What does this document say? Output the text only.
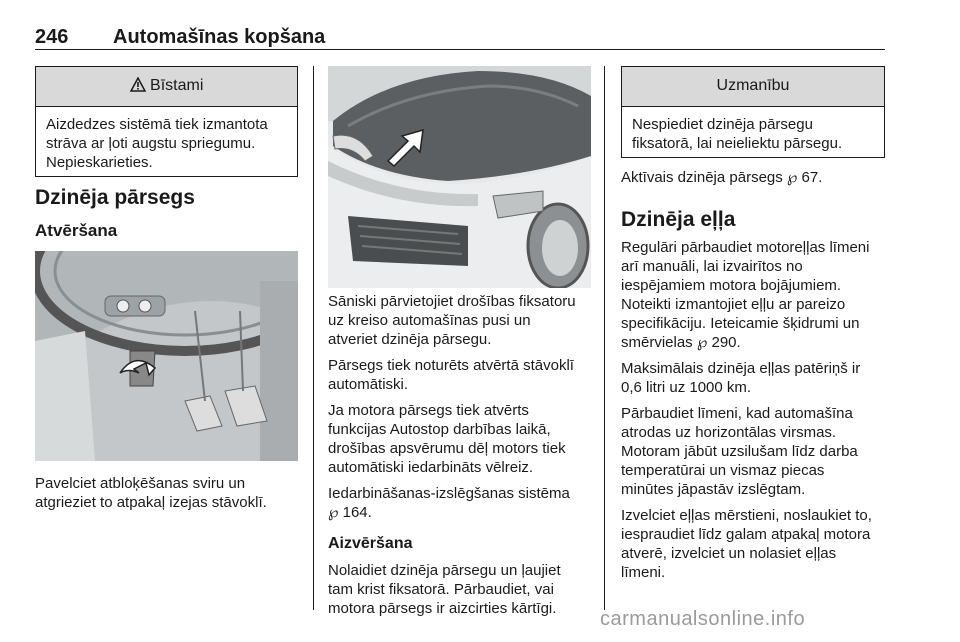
246 Automašīnas kopšana
Bīstami
Aizdedzes sistēmā tiek izmantota
strāva ar ļoti augstu spriegumu.
Nepieskarieties.
Dzinēja pārsegs
Atvēršana
Pavelciet atbloķēšanas sviru un
atgrieziet to atpakaļ izejas stāvoklī.
Sāniski pārvietojiet drošības fiksatoru
uz kreiso automašīnas pusi un
atveriet dzinēja pārsegu.
Pārsegs tiek noturēts atvērtā stāvoklī
automātiski.
Ja motora pārsegs tiek atvērts
funkcijas Autostop darbības laikā,
drošības apsvērumu dēļ motors tiek
automātiski iedarbināts vēlreiz.
Iedarbināšanas-izslēgšanas sistēma
℘ 164.
Aizvēršana
Nolaidiet dzinēja pārsegu un ļaujiet
tam krist fiksatorā. Pārbaudiet, vai
motora pārsegs ir aizcirties kārtīgi.
Uzmanību
Nespiediet dzinēja pārsegu
fiksatorā, lai neieliektu pārsegu.
Aktīvais dzinēja pārsegs ℘ 67.
Dzinēja eļļa
Regulāri pārbaudiet motoreļļas līmeni
arī manuāli, lai izvairītos no
iespējamiem motora bojājumiem.
Noteikti izmantojiet eļļu ar pareizo
specifikāciju. Ieteicamie šķidrumi un
smērvielas ℘ 290.
Maksimālais dzinēja eļļas patēriņš ir
0,6 litri uz 1000 km.
Pārbaudiet līmeni, kad automašīna
atrodas uz horizontālas virsmas.
Motoram jābūt uzsilušam līdz darba
temperatūrai un vismaz piecas
minūtes jāpastāv izslēgtam.
Izvelciet eļļas mērstieni, noslaukiet to,
iespraudiet līdz galam atpakaļ motora
atverē, izvelciet un nolasiet eļļas
līmeni.
carmanualsonline.info
